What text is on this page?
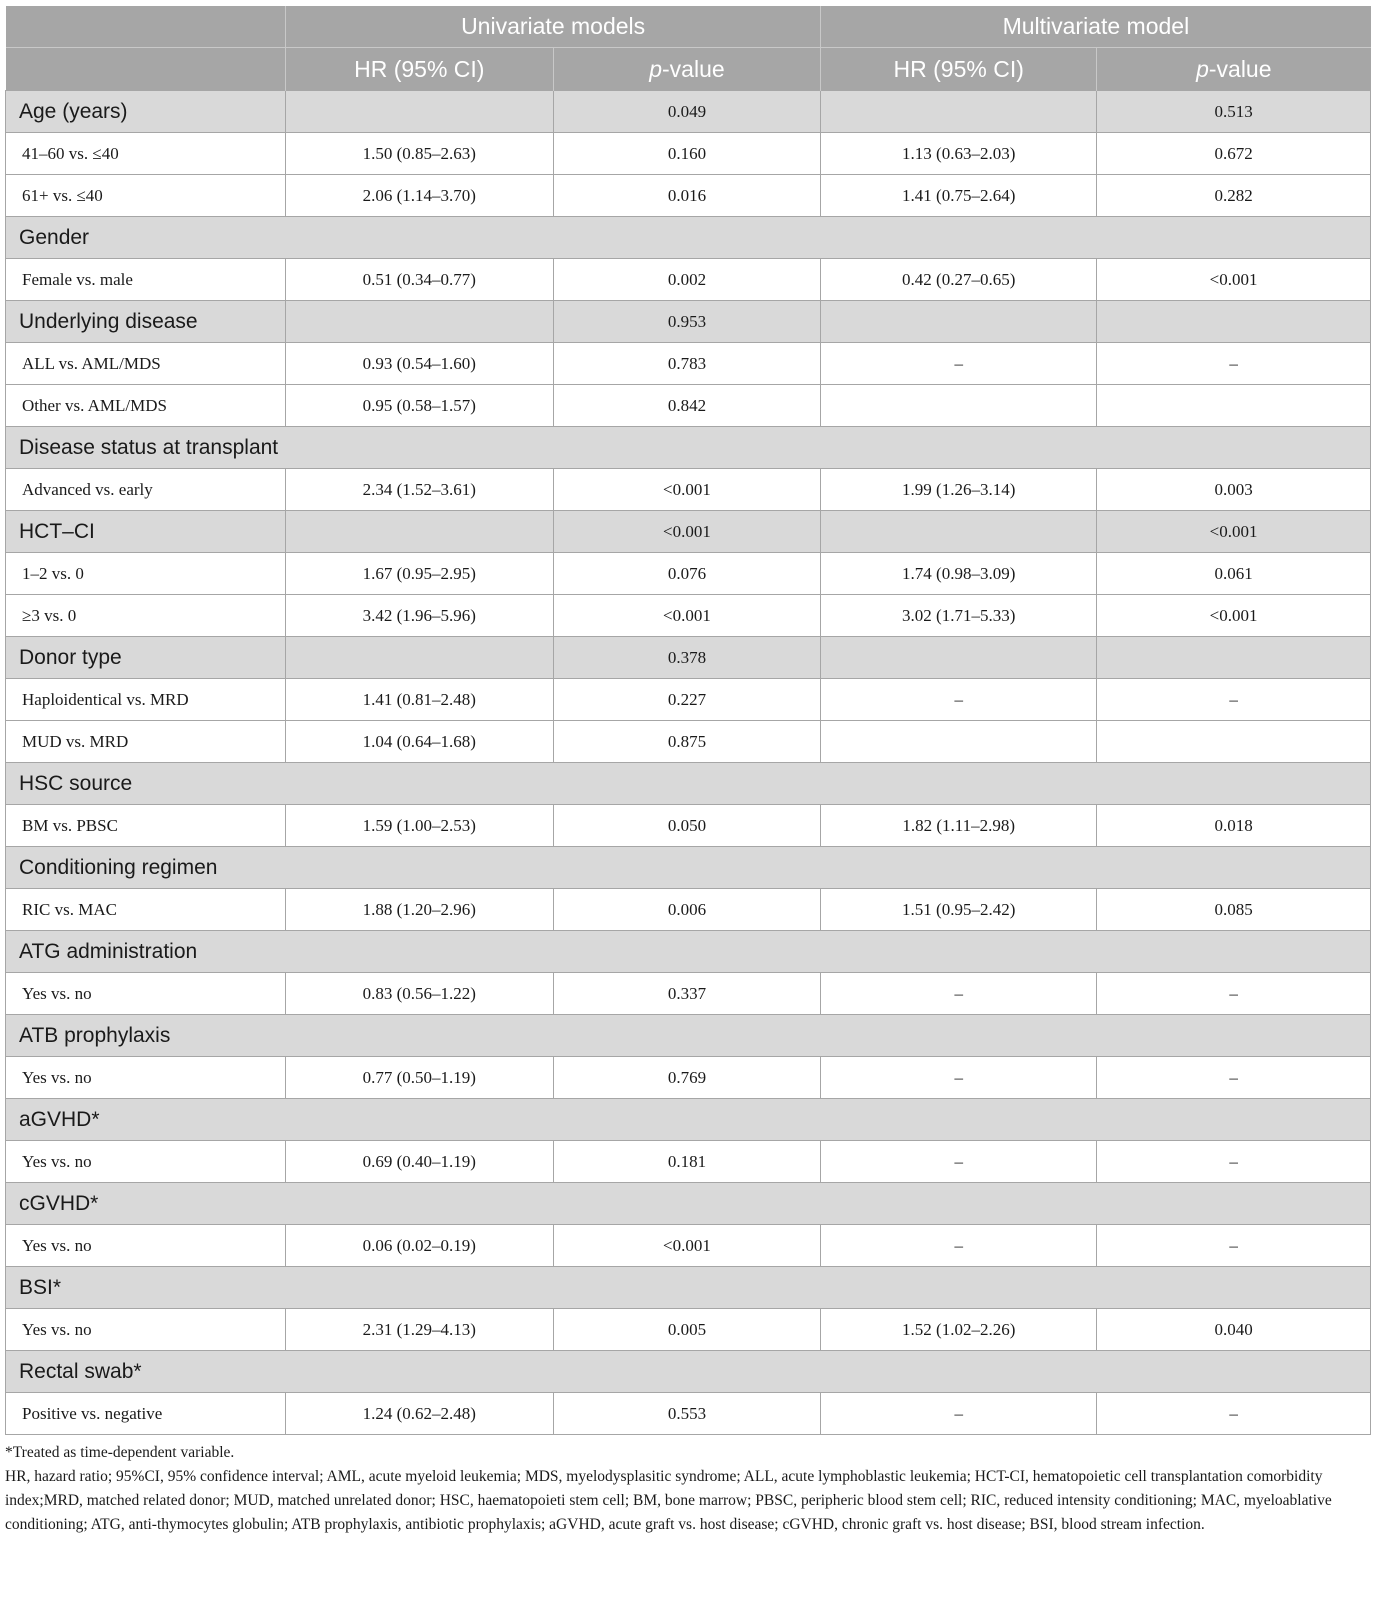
	Univariate models		Multivariate model	
	HR (95% CI)	p-value	HR (95% CI)	p-value
Age (years)		0.049		0.513
41–60 vs. ≤40	1.50 (0.85–2.63)	0.160	1.13 (0.63–2.03)	0.672
61+ vs. ≤40	2.06 (1.14–3.70)	0.016	1.41 (0.75–2.64)	0.282
Gender				
Female vs. male	0.51 (0.34–0.77)	0.002	0.42 (0.27–0.65)	<0.001
Underlying disease		0.953		
ALL vs. AML/MDS	0.93 (0.54–1.60)	0.783	–	–
Other vs. AML/MDS	0.95 (0.58–1.57)	0.842		
Disease status at transplant				
Advanced vs. early	2.34 (1.52–3.61)	<0.001	1.99 (1.26–3.14)	0.003
HCT–CI		<0.001		<0.001
1–2 vs. 0	1.67 (0.95–2.95)	0.076	1.74 (0.98–3.09)	0.061
≥3 vs. 0	3.42 (1.96–5.96)	<0.001	3.02 (1.71–5.33)	<0.001
Donor type		0.378		
Haploidentical vs. MRD	1.41 (0.81–2.48)	0.227	–	–
MUD vs. MRD	1.04 (0.64–1.68)	0.875		
HSC source				
BM vs. PBSC	1.59 (1.00–2.53)	0.050	1.82 (1.11–2.98)	0.018
Conditioning regimen				
RIC vs. MAC	1.88 (1.20–2.96)	0.006	1.51 (0.95–2.42)	0.085
ATG administration				
Yes vs. no	0.83 (0.56–1.22)	0.337	–	–
ATB prophylaxis				
Yes vs. no	0.77 (0.50–1.19)	0.769	–	–
aGVHD*				
Yes vs. no	0.69 (0.40–1.19)	0.181	–	–
cGVHD*				
Yes vs. no	0.06 (0.02–0.19)	<0.001	–	–
BSI*				
Yes vs. no	2.31 (1.29–4.13)	0.005	1.52 (1.02–2.26)	0.040
Rectal swab*				
Positive vs. negative	1.24 (0.62–2.48)	0.553	–	–

*Treated as time-dependent variable.

HR, hazard ratio; 95%CI, 95% confidence interval; AML, acute myeloid leukemia; MDS, myelodysplasitic syndrome; ALL, acute lymphoblastic leukemia; HCT-CI, hematopoietic cell transplantation comorbidity index;MRD, matched related donor; MUD, matched unrelated donor; HSC, haematopoieti stem cell; BM, bone marrow; PBSC, peripheric blood stem cell; RIC, reduced intensity conditioning; MAC, myeloablative conditioning; ATG, anti-thymocytes globulin; ATB prophylaxis, antibiotic prophylaxis; aGVHD, acute graft vs. host disease; cGVHD, chronic graft vs. host disease; BSI, blood stream infection.
